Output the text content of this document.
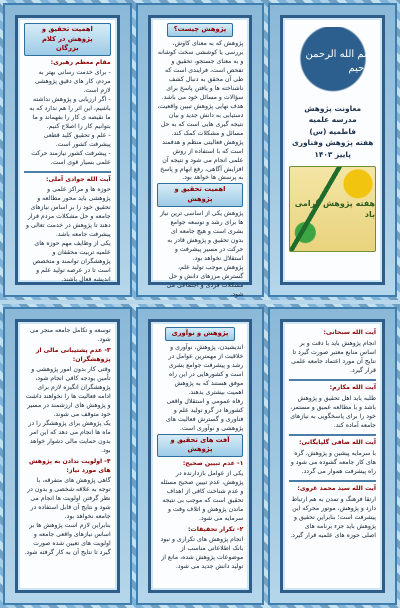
اهمیت تحقیق و پژوهش در کلام بزرگان
مقام معظم رهبری:
- برای خدمت رسانی بهتر به مردم، کار های دقیق پژوهشی لازم است.
- اگر ارزیابی و پژوهش نداشته باشیم، این اثر را هم ندارد که به ما نقیصه ی کار را بفهماند و ما بتوانیم کار را اصلاح کنیم.
- علم و تحقیق کلید قطعی پیشرفت کشور است.
- پیشرفت کشور نیازمند حرکت علمی بسیار قوی است.
آیت الله جوادی آملی:
حوزه ها و مراکز علمی و پژوهشی باید محور مطالعه و تحقیق خود را بر اساس نیازهای جامعه و حل مشکلات مردم قرار دهند تا پژوهش در خدمت تعالی و پیشرفت جامعه باشد.
یکی از وظایف مهم حوزه های علمیه تربیت محققان و پژوهشگران توانمند و متخصص است تا در عرصه تولید علم و اندیشه فعال باشند.
پژوهش چیست؟
پژوهش که به معنای کاوش، بررسی یا کوششی سخت کوشانه و به معنای جستجو، تحقیق و تفحص است، فرایندی است که طی آن محقق به دنبال کشف ناشناخته ها و یافتن پاسخ برای سؤالات و مسائل خود می باشد.
هدف نهایی پژوهش تبیین واقعیت، دستیابی به دانش جدید و بیان نتیجه گیری هایی است که به حل مسائل و مشکلات کمک کند.
پژوهش فعالیتی منظم و هدفمند است که با استفاده از روش علمی انجام می شود و نتیجه آن افزایش آگاهی، رفع ابهام و پاسخ به پرسش ها خواهد بود.
اهمیت تحقیق و پژوهش
پژوهش یکی از اساسی ترین نیاز ها برای رشد و توسعه جوامع بشری است و هیچ جامعه ای بدون تحقیق و پژوهش قادر به حرکت در مسیر پیشرفت و استقلال نخواهد بود.
پژوهش موجب تولید علم، گسترش مرزهای دانش و حل مشکلات فردی و اجتماعی می شود.
بسم الله الرحمن الرحیم
معاونت پژوهش
مدرسه علمیه
فاطمیه (س)
هفته پژوهش وفناوری
پاییز ۱۴۰۳
هفته پژوهش گرامی باد
توسعه و تکامل جامعه منجر می شود.
۳- عدم پشتیبانی مالی از پژوهشگران:
وقتی کار بدون امور پژوهشی و تأمین بودجه کافی انجام شود، پژوهشگران انگیزه لازم برای ادامه فعالیت ها را نخواهند داشت و پژوهش های ارزشمند در مسیر خود متوقف می شوند.
یک پژوهش برای پژوهشگر را در ماه ها انجام می دهد که این امر بدون حمایت مالی دشوار خواهد بود.
۴- اولویت ندادن به پژوهش های مورد نیاز:
گاهی پژوهش های متفرقه، با توجه به علاقه شخصی و بدون در نظر گرفتن اولویت ها انجام می شود و نتایج آن قابل استفاده در جامعه نخواهد بود.
بنابراین لازم است پژوهش ها بر اساس نیازهای واقعی جامعه و اولویت های تعیین شده صورت گیرد تا نتایج آن به کار گرفته شود.
پژوهش و نوآوری
اندیشیدن، پژوهش، نوآوری و خلاقیت از مهمترین عوامل در رشد و پیشرفت جوامع بشری است و کشورهایی در این راه موفق هستند که به پژوهش اهمیت بیشتری بدهند.
رفاه عمومی و استقلال واقعی کشورها در گرو تولید علم و فناوری و گسترش فعالیت های پژوهشی و نوآوری است.
آفت های تحقیق و پژوهش
۱- عدم تبیین صحیح:
یکی از عوامل بازدارنده در پژوهش، عدم تبیین صحیح مسئله و عدم شناخت کافی از اهداف تحقیق است که موجب بی نتیجه ماندن پژوهش و اتلاف وقت و سرمایه می شود.
۲- تکرار تحقیقات:
انجام پژوهش های تکراری و نبود بانک اطلاعاتی مناسب از موضوعات پژوهش شده، مانع از تولید دانش جدید می شود.
آیت الله سبحانی:
انجام پژوهش باید با دقت و بر اساس منابع معتبر صورت گیرد تا نتایج آن مورد اعتماد جامعه علمی قرار گیرد.
آیت الله مکارم:
طلبه باید اهل تحقیق و پژوهش باشد و با مطالعه عمیق و مستمر، خود را برای پاسخگویی به نیازهای جامعه آماده کند.
آیت الله صافی گلپایگانی:
با سرمایه پیشین و پژوهش، گره های کار جامعه گشوده می شود و راه پیشرفت هموار می گردد.
آیت الله سید محمد غروی:
ارتقا فرهنگ و تمدن به هم ارتباط دارد و پژوهش، موتور محرکه این پیشرفت است؛ بنابراین تحقیق و پژوهش باید جزء برنامه های اصلی حوزه های علمیه قرار گیرد.
